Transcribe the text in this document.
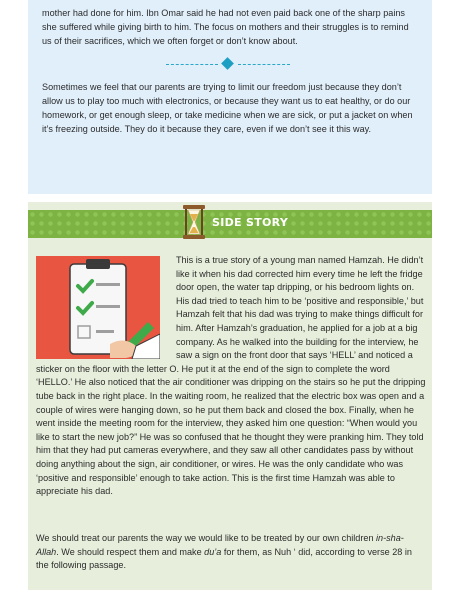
mother had done for him. Ibn Omar said he had not even paid back one of the sharp pains she suffered while giving birth to him. The focus on mothers and their struggles is to remind us of their sacrifices, which we often forget or don’t know about.

Sometimes we feel that our parents are trying to limit our freedom just because they don’t allow us to play too much with electronics, or because they want us to eat healthy, or do our homework, or get enough sleep, or take medicine when we are sick, or put a jacket on when it’s freezing outside. They do it because they care, even if we don’t see it this way.

SIDE STORY
This is a true story of a young man named Hamzah. He didn’t like it when his dad corrected him every time he left the fridge door open, the water tap dripping, or his bedroom lights on. His dad tried to teach him to be ‘positive and responsible,’ but Hamzah felt that his dad was trying to make things difficult for him. After Hamzah’s graduation, he applied for a job at a big company. As he walked into the building for the interview, he saw a sign on the front door that says ‘HELL’ and noticed a sticker on the floor with the letter O. He put it at the end of the sign to complete the word ‘HELLO.’ He also noticed that the air conditioner was dripping on the stairs so he put the dripping tube back in the right place. In the waiting room, he realized that the electric box was open and a couple of wires were hanging down, so he put them back and closed the box. Finally, when he went inside the meeting room for the interview, they asked him one question: “When would you like to start the new job?” He was so confused that he thought they were pranking him. They told him that they had put cameras everywhere, and they saw all other candidates pass by without doing anything about the sign, air conditioner, or wires. He was the only candidate who was ‘positive and responsible’ enough to take action. This is the first time Hamzah was able to appreciate his dad.
We should treat our parents the way we would like to be treated by our own children in-sha-Allah. We should respect them and make du’a for them, as Nuh ‘ did, according to verse 28 in the following passage.
